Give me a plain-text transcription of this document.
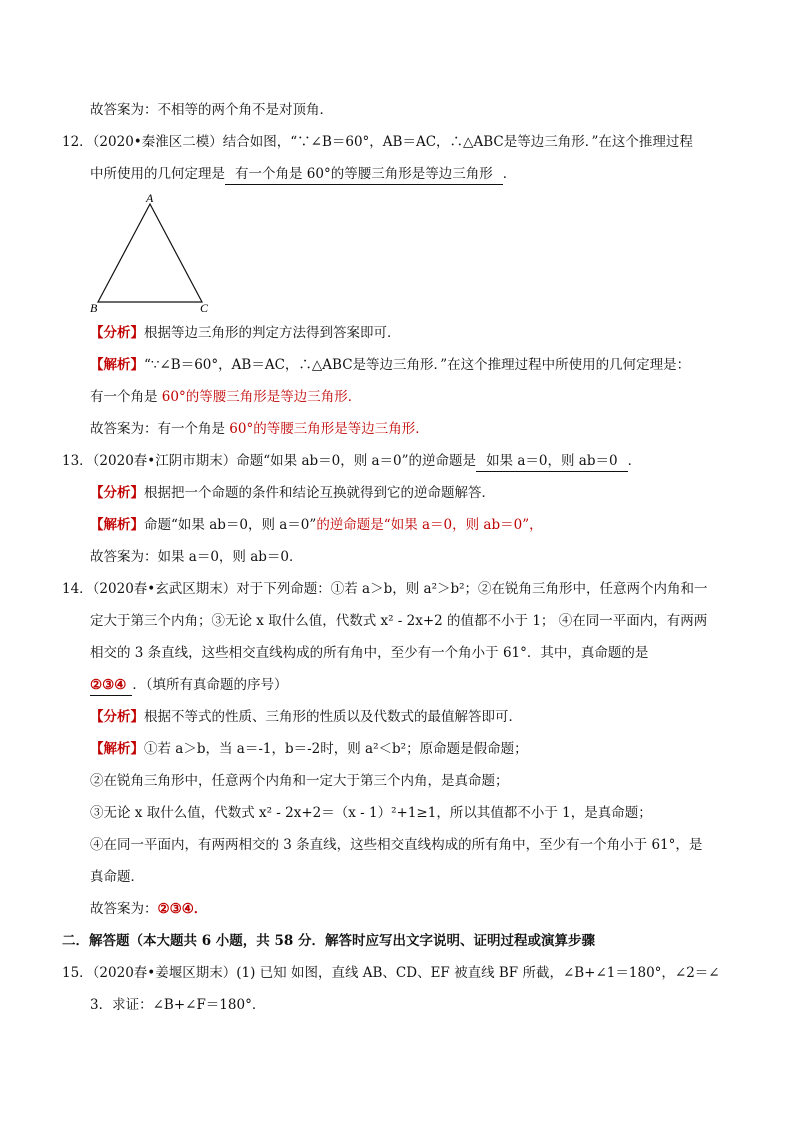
故答案为：不相等的两个角不是对顶角．
12．（2020•秦淮区二模）结合如图，“∵∠B＝60°，AB＝AC，∴△ABC是等边三角形．”在这个推理过程
中所使用的几何定理是 有一个角是 60°的等腰三角形是等边三角形 ．
A
B	C
【分析】根据等边三角形的判定方法得到答案即可．
【解析】“∵∠B＝60°，AB＝AC，∴△ABC是等边三角形．”在这个推理过程中所使用的几何定理是：
有一个角是 60°的等腰三角形是等边三角形．
故答案为：有一个角是 60°的等腰三角形是等边三角形．
13．（2020春•江阴市期末）命题“如果 ab＝0，则 a＝0”的逆命题是 如果 a＝0，则 ab＝0 ．
【分析】根据把一个命题的条件和结论互换就得到它的逆命题解答．
【解析】命题“如果 ab＝0，则 a＝0”的逆命题是“如果 a＝0，则 ab＝0”，
故答案为：如果 a＝0，则 ab＝0．
14．（2020春•玄武区期末）对于下列命题：①若 a＞b，则 a²＞b²；②在锐角三角形中，任意两个内角和一
定大于第三个内角；③无论 x 取什么值，代数式 x² - 2x+2 的值都不小于 1； ④在同一平面内，有两两
相交的 3 条直线，这些相交直线构成的所有角中，至少有一个角小于 61°．其中，真命题的是
②③④ ．（填所有真命题的序号）
【分析】根据不等式的性质、三角形的性质以及代数式的最值解答即可．
【解析】①若 a＞b，当 a＝-1，b＝-2时，则 a²＜b²；原命题是假命题；
②在锐角三角形中，任意两个内角和一定大于第三个内角，是真命题；
③无论 x 取什么值，代数式 x² - 2x+2＝（x - 1）²+1≥1，所以其值都不小于 1，是真命题；
④在同一平面内，有两两相交的 3 条直线，这些相交直线构成的所有角中，至少有一个角小于 61°，是
真命题．
故答案为：②③④．
二．解答题（本大题共 6 小题，共 58 分．解答时应写出文字说明、证明过程或演算步骤
15．（2020春•姜堰区期末）(1) 已知 如图，直线 AB、CD、EF 被直线 BF 所截，∠B+∠1＝180°，∠2＝∠
3．求证：∠B+∠F＝180°．
